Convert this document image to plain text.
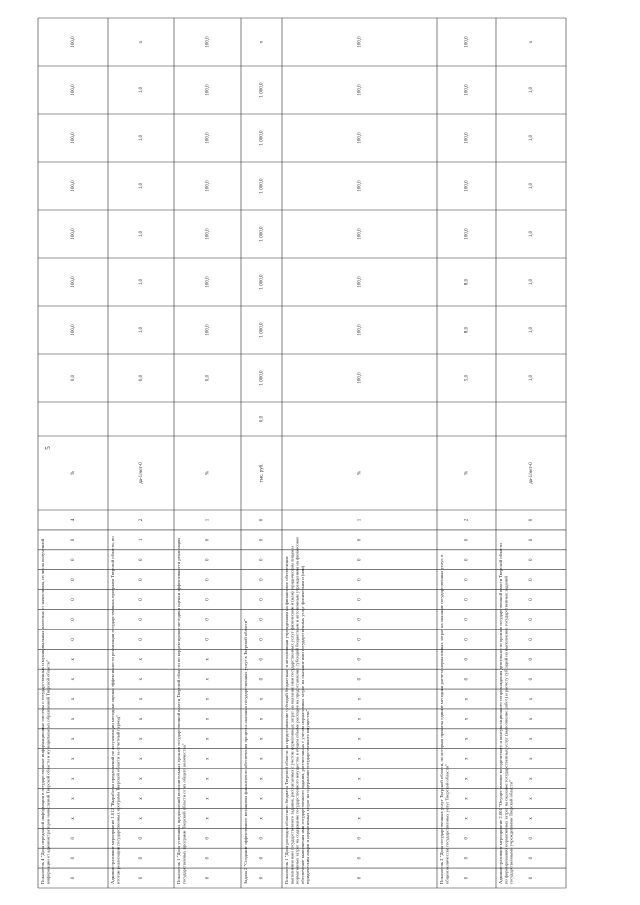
0
0
0
x
x
x
x
x
x
x
x
x
0
0
0
0
0
0
4
Показатель 4 "Доля переданной информации в государственные информационные системы о государственных и муниципальных платежах от начисления, из числа полученной информации от администраторов начислений Тверской области и муниципальных образований Тверской области"
%
0,0
100,0
100,0
100,0
100,0
100,0
100,0
100,0
0
0
0
x
x
x
x
x
x
x
x
x
0
0
0
0
0
1
2
Административное мероприятие 1.012 "Выработка предложений по актуализации методики оценки эффективности реализации государственных программ Тверской области, по итогам реализации государственных программ Тверской области за отчетный период"
да-1/нет-0
0,0
1,0
1,0
1,0
1,0
1,0
1,0
x
0
0
0
x
x
x
x
x
x
x
x
x
0
0
0
0
0
0
1
Показатель 1 "Доля успешных предложений исполнительных органов государственной власти Тверской области по корректировке методики оценки эффективности реализации государственных программ Тверской области от их общего количества"
%
0,0
100,0
100,0
100,0
100,0
100,0
100,0
100,0
0
0
0
x
x
x
x
x
x
x
0
0
0
0
0
0
0
0
0
Задача 2 "Создание эффективного механизма финансового обеспечения процесса оказания государственных услуг в Тверской области"
тыс. руб.
0,0
1 000,0
1 000,0
1 000,0
1 000,0
1 000,0
1 000,0
1 000,0
x
0
0
0
x
x
x
x
x
x
x
0
0
0
0
0
0
0
0
1
Показатель 1 "Доля расходов областного бюджета Тверской области на предоставление субсидий бюджетным и автономным учреждениям на финансовое обеспечение выполнения ими государственного задания, рассчитанных с учетом нормативных затрат на оказание ими государственных услуг физическим и (или) юридическим лицам и нормативных затрат на содержание государственного имущества в общем объеме расходов на предоставление субсидий бюджетным и автономным учреждениям на финансовое обеспечение выполнения ими государственного задания, рассчитанных с учетом нормативных затрат на оказание ими государственных услуг физическим и (или) юридическим лицам и нормативных затрат на содержание государственного имущества"
%
100,0
100,0
100,0
100,0
100,0
100,0
100,0
100,0
0
0
0
x
x
x
x
x
x
x
0
0
0
0
0
0
0
0
2
Показатель 2 "Доля государственных услуг Тверской области, по которым приняты единые методики расчета нормативных затрат на оказание государственных услуг, в общем количестве государственных услуг Тверской области"
%
5,0
8,0
8,0
100,0
100,0
100,0
100,0
100,0
0
0
0
x
x
x
x
x
x
x
0
0
0
0
0
0
0
0
0
Административное мероприятие 2.001 "Осуществление методического и консультационного сопровождения деятельности органов государственной власти Тверской области по формированию нормативных затрат на оказание государственных услуг (выполнение работ) и расчету субсидий на выполнение государственных заданий государственными учреждениями Тверской области"
да-1/нет-0
1,0
1,0
1,0
1,0
1,0
1,0
1,0
x
5
